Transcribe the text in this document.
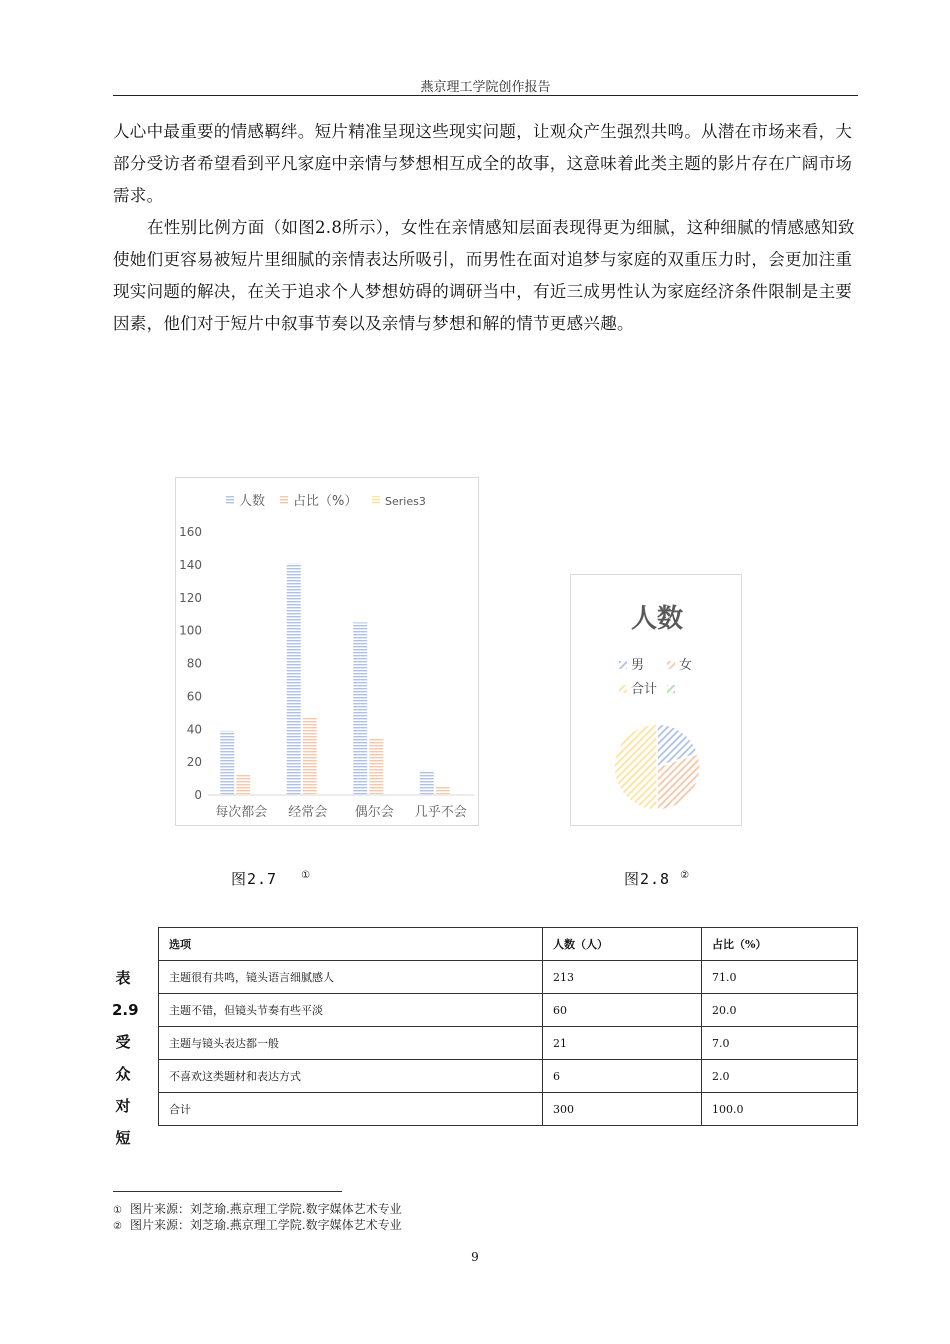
燕京理工学院创作报告

人心中最重要的情感羁绊。短片精准呈现这些现实问题，让观众产生强烈共鸣。从潜在市场来看，大部分受访者希望看到平凡家庭中亲情与梦想相互成全的故事，这意味着此类主题的影片存在广阔市场需求。

在性别比例方面（如图2.8所示），女性在亲情感知层面表现得更为细腻，这种细腻的情感感知致使她们更容易被短片里细腻的亲情表达所吸引，而男性在面对追梦与家庭的双重压力时，会更加注重现实问题的解决，在关于追求个人梦想妨碍的调研当中，有近三成男性认为家庭经济条件限制是主要因素，他们对于短片中叙事节奏以及亲情与梦想和解的情节更感兴趣。

人数 占比（%）	Series3
0
20
40
60
80
100
120
140
160
每次都会 经常会 偶尔会 几乎不会
人数
男	女
合计
图2.7 ①	图2.8 ②
表
2.9
受
众
对
短
选项	人数（人）	占比（%）
主题很有共鸣，镜头语言细腻感人	213	71.0
主题不错，但镜头节奏有些平淡	60	20.0
主题与镜头表达都一般	21	7.0
不喜欢这类题材和表达方式	6	2.0
合计	300	100.0
① 图片来源：刘芝瑜.燕京理工学院.数字媒体艺术专业
② 图片来源：刘芝瑜.燕京理工学院.数字媒体艺术专业
9
